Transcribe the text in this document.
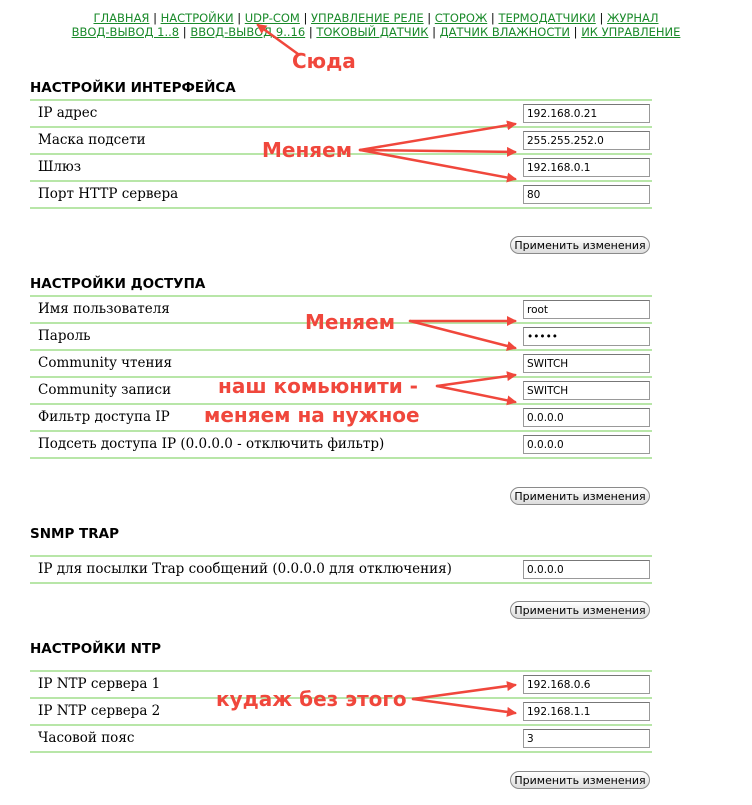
ГЛАВНАЯ | НАСТРОЙКИ | UDP-COM | УПРАВЛЕНИЕ РЕЛЕ | СТОРОЖ | ТЕРМОДАТЧИКИ | ЖУРНАЛ
ВВОД-ВЫВОД 1..8 | ВВОД-ВЫВОД 9..16 | ТОКОВЫЙ ДАТЧИК | ДАТЧИК ВЛАЖНОСТИ | ИК УПРАВЛЕНИЕ
НАСТРОЙКИ ИНТЕРФЕЙСА
IP адрес
192.168.0.21
Маска подсети
255.255.252.0
Шлюз
192.168.0.1
Порт HTTP сервера
80
Применить изменения
НАСТРОЙКИ ДОСТУПА
Имя пользователя
root
Пароль
•••••
Community чтения
SWITCH
Community записи
SWITCH
Фильтр доступа IP
0.0.0.0
Подсеть доступа IP (0.0.0.0 - отключить фильтр)
0.0.0.0
Применить изменения
SNMP TRAP
IP для посылки Trap сообщений (0.0.0.0 для отключения)
0.0.0.0
Применить изменения
НАСТРОЙКИ NTP
IP NTP сервера 1
192.168.0.6
IP NTP сервера 2
192.168.1.1
Часовой пояс
3
Применить изменения
Сюда
Меняем
Меняем
наш комьюнити -
меняем на нужное
кудаж без этого
